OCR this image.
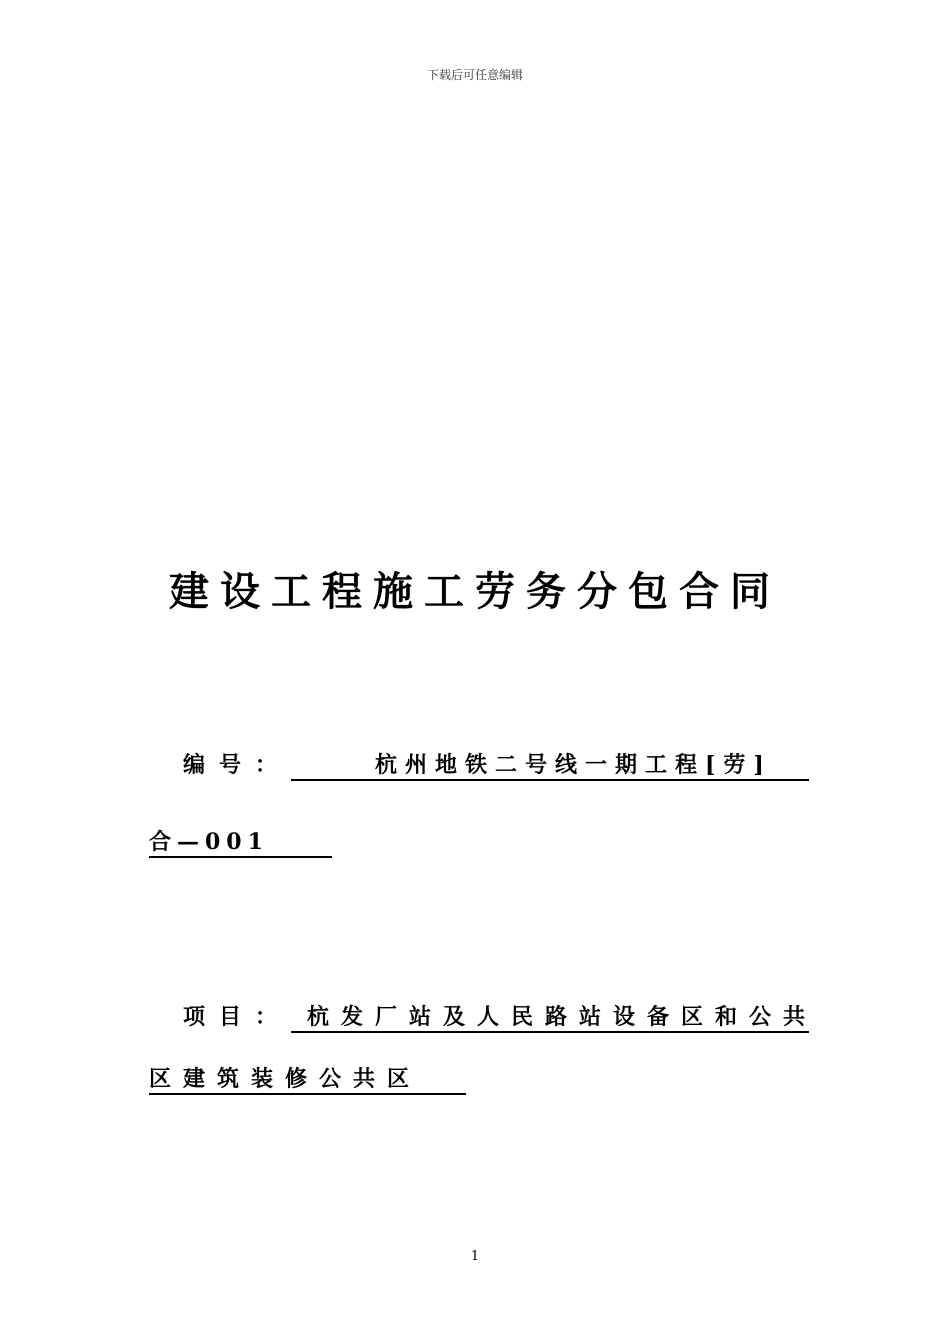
下载后可任意编辑
建设工程施工劳务分包合同
编号：	杭州地铁二号线一期工程[劳]
合—001
项目： 杭发厂站及人民路站设备区和公共
区建筑装修公共区
1
